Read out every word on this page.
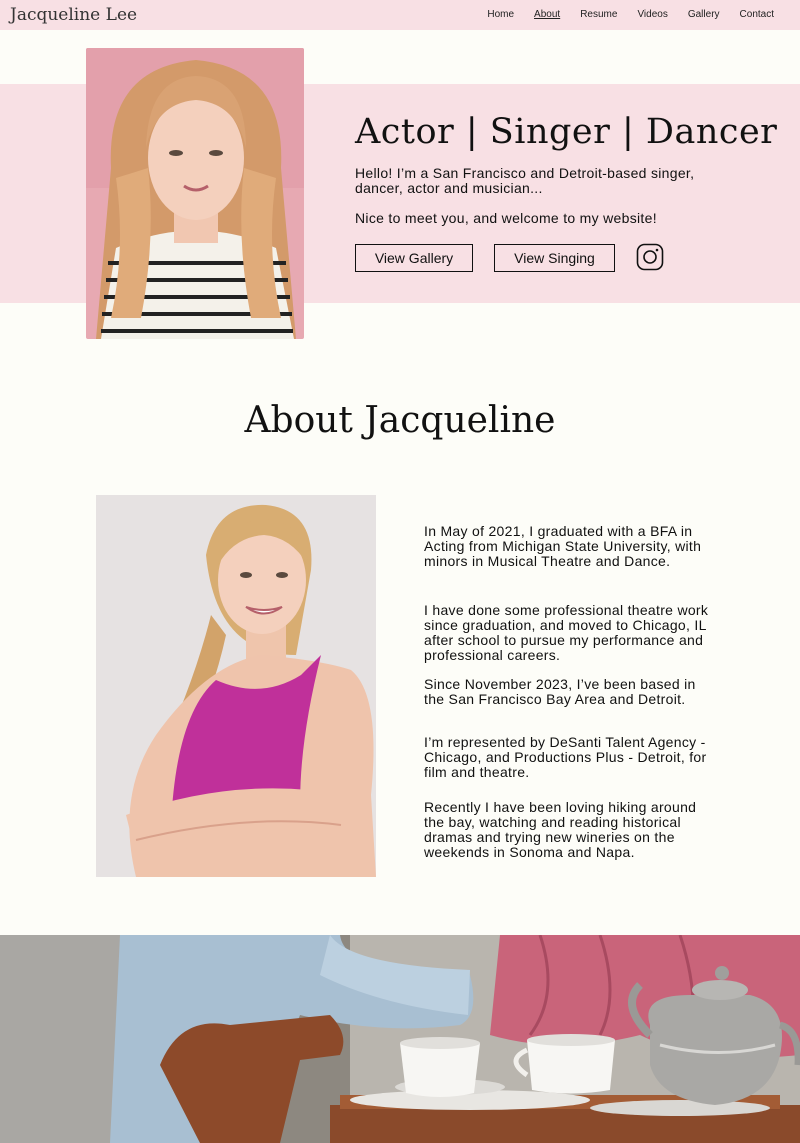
Jacqueline Lee	Home About Resume Videos Gallery Contact
Actor | Singer | Dancer
Hello! I’m a San Francisco and Detroit-based singer, dancer, actor and musician...
Nice to meet you, and welcome to my website!
View Gallery	View Singing
About Jacqueline
In May of 2021, I graduated with a BFA in Acting from Michigan State University, with minors in Musical Theatre and Dance.
I have done some professional theatre work since graduation, and moved to Chicago, IL after school to pursue my performance and professional careers.
Since November 2023, I’ve been based in the San Francisco Bay Area and Detroit.
I’m represented by DeSanti Talent Agency - Chicago, and Productions Plus - Detroit, for film and theatre.
Recently I have been loving hiking around the bay, watching and reading historical dramas and trying new wineries on the weekends in Sonoma and Napa.
